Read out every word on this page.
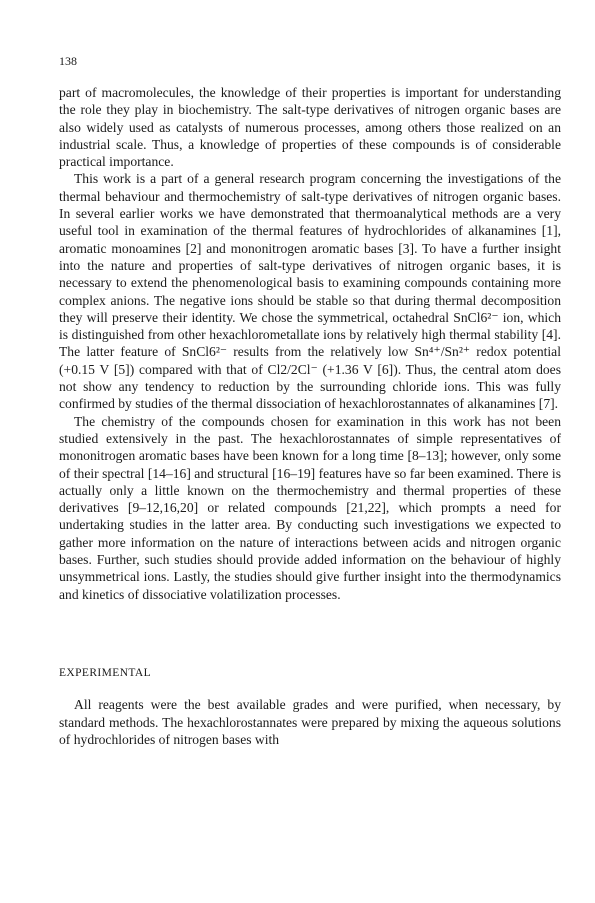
138

part of macromolecules, the knowledge of their properties is important for understanding the role they play in biochemistry. The salt-type derivatives of nitrogen organic bases are also widely used as catalysts of numerous processes, among others those realized on an industrial scale. Thus, a knowledge of properties of these compounds is of considerable practical importance.

This work is a part of a general research program concerning the investigations of the thermal behaviour and thermochemistry of salt-type derivatives of nitrogen organic bases. In several earlier works we have demonstrated that thermoanalytical methods are a very useful tool in examination of the thermal features of hydrochlorides of alkanamines [1], aromatic monoamines [2] and mononitrogen aromatic bases [3]. To have a further insight into the nature and properties of salt-type derivatives of nitrogen organic bases, it is necessary to extend the phenomenological basis to examining compounds containing more complex anions. The negative ions should be stable so that during thermal decomposition they will preserve their identity. We chose the symmetrical, octahedral SnCl6²⁻ ion, which is distinguished from other hexachlorometallate ions by relatively high thermal stability [4]. The latter feature of SnCl6²⁻ results from the relatively low Sn⁴⁺/Sn²⁺ redox potential (+0.15 V [5]) compared with that of Cl2/2Cl⁻ (+1.36 V [6]). Thus, the central atom does not show any tendency to reduction by the surrounding chloride ions. This was fully confirmed by studies of the thermal dissociation of hexachlorostannates of alkanamines [7].

The chemistry of the compounds chosen for examination in this work has not been studied extensively in the past. The hexachlorostannates of simple representatives of mononitrogen aromatic bases have been known for a long time [8–13]; however, only some of their spectral [14–16] and structural [16–19] features have so far been examined. There is actually only a little known on the thermochemistry and thermal properties of these derivatives [9–12,16,20] or related compounds [21,22], which prompts a need for undertaking studies in the latter area. By conducting such investigations we expected to gather more information on the nature of interactions between acids and nitrogen organic bases. Further, such studies should provide added information on the behaviour of highly unsymmetrical ions. Lastly, the studies should give further insight into the thermodynamics and kinetics of dissociative volatilization processes.

EXPERIMENTAL

All reagents were the best available grades and were purified, when necessary, by standard methods. The hexachlorostannates were prepared by mixing the aqueous solutions of hydrochlorides of nitrogen bases with
